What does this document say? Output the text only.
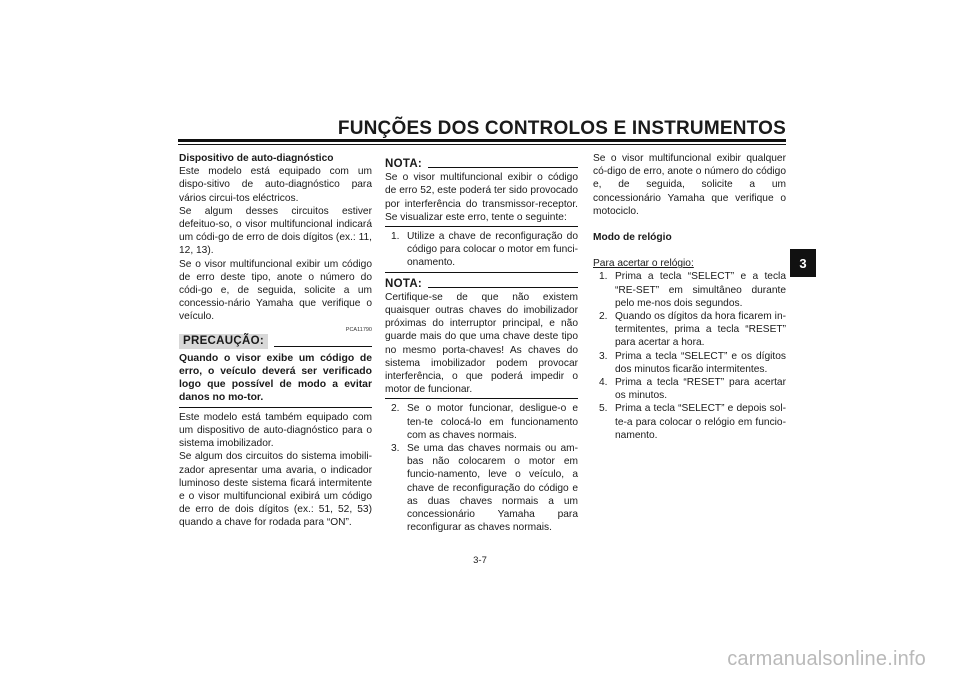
FUNÇÕES DOS CONTROLOS E INSTRUMENTOS
3

Dispositivo de auto-diagnóstico

Este modelo está equipado com um dispo-sitivo de auto-diagnóstico para vários circui-tos eléctricos.

Se algum desses circuitos estiver defeituo-so, o visor multifuncional indicará um códi-go de erro de dois dígitos (ex.: 11, 12, 13).

Se o visor multifuncional exibir um código de erro deste tipo, anote o número do códi-go e, de seguida, solicite a um concessio-nário Yamaha que verifique o veículo.

PCA11790
PRECAUÇÃO:

Quando o visor exibe um código de erro, o veículo deverá ser verificado logo que possível de modo a evitar danos no mo-tor.

Este modelo está também equipado com um dispositivo de auto-diagnóstico para o sistema imobilizador.

Se algum dos circuitos do sistema imobili-zador apresentar uma avaria, o indicador luminoso deste sistema ficará intermitente e o visor multifuncional exibirá um código de erro de dois dígitos (ex.: 51, 52, 53) quando a chave for rodada para “ON”.

NOTA:

Se o visor multifuncional exibir o código de erro 52, este poderá ter sido provocado por interferência do transmissor-receptor. Se visualizar este erro, tente o seguinte:

1. Utilize a chave de reconfiguração do código para colocar o motor em funci-onamento.
NOTA:

Certifique-se de que não existem quaisquer outras chaves do imobilizador próximas do interruptor principal, e não guarde mais do que uma chave deste tipo no mesmo porta-chaves! As chaves do sistema imobilizador podem provocar interferência, o que poderá impedir o motor de funcionar.

2. Se o motor funcionar, desligue-o e ten-te colocá-lo em funcionamento com as chaves normais.
3. Se uma das chaves normais ou am-bas não colocarem o motor em funcio-namento, leve o veículo, a chave de reconfiguração do código e as duas chaves normais a um concessionário Yamaha para reconfigurar as chaves normais.

Se o visor multifuncional exibir qualquer có-digo de erro, anote o número do código e, de seguida, solicite a um concessionário Yamaha que verifique o motociclo.

Modo de relógio

Para acertar o relógio:

1. Prima a tecla “SELECT” e a tecla “RE-SET” em simultâneo durante pelo me-nos dois segundos.
2. Quando os dígitos da hora ficarem in-termitentes, prima a tecla “RESET” para acertar a hora.
3. Prima a tecla “SELECT” e os dígitos dos minutos ficarão intermitentes.
4. Prima a tecla “RESET” para acertar os minutos.
5. Prima a tecla “SELECT” e depois sol-te-a para colocar o relógio em funcio-namento.
3-7
carmanualsonline.info
